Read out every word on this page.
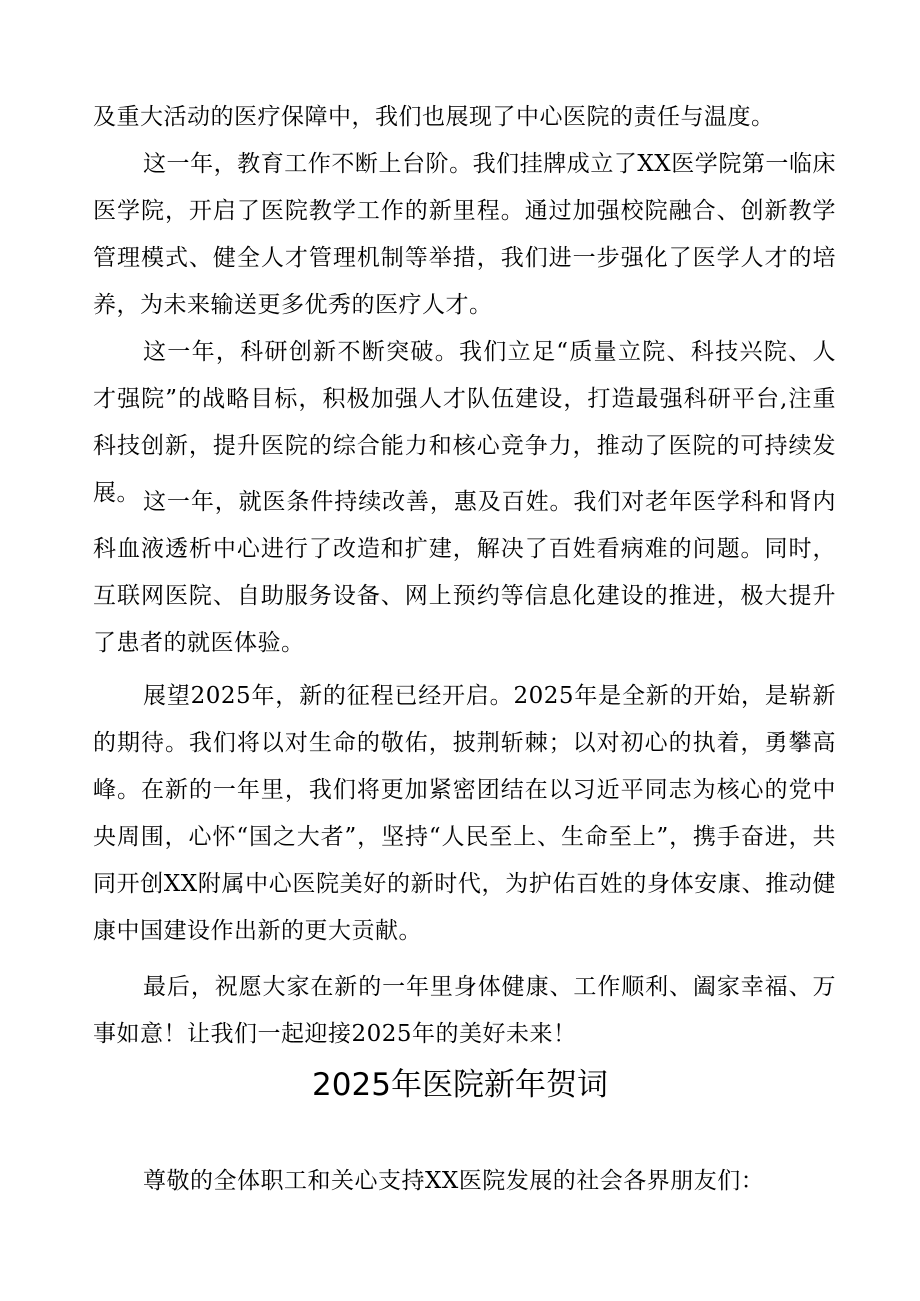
及重大活动的医疗保障中，我们也展现了中心医院的责任与温度。

这一年，教育工作不断上台阶。我们挂牌成立了XX医学院第一临床医学院，开启了医院教学工作的新里程。通过加强校院融合、创新教学管理模式、健全人才管理机制等举措，我们进一步强化了医学人才的培养，为未来输送更多优秀的医疗人才。

这一年，科研创新不断突破。我们立足“质量立院、科技兴院、人才强院”的战略目标，积极加强人才队伍建设，打造最强科研平台,注重科技创新，提升医院的综合能力和核心竞争力，推动了医院的可持续发展。 这一年，就医条件持续改善，惠及百姓。我们对老年医学科和肾内科血液透析中心进行了改造和扩建，解决了百姓看病难的问题。同时，互联网医院、自助服务设备、网上预约等信息化建设的推进，极大提升了患者的就医体验。

展望2025年，新的征程已经开启。2025年是全新的开始，是崭新的期待。我们将以对生命的敬佑，披荆斩棘；以对初心的执着，勇攀高峰。在新的一年里，我们将更加紧密团结在以习近平同志为核心的党中央周围，心怀“国之大者”，坚持“人民至上、生命至上”，携手奋进，共同开创XX附属中心医院美好的新时代，为护佑百姓的身体安康、推动健康中国建设作出新的更大贡献。

最后，祝愿大家在新的一年里身体健康、工作顺利、阖家幸福、万事如意！让我们一起迎接2025年的美好未来！

2025年医院新年贺词

尊敬的全体职工和关心支持XX医院发展的社会各界朋友们：
